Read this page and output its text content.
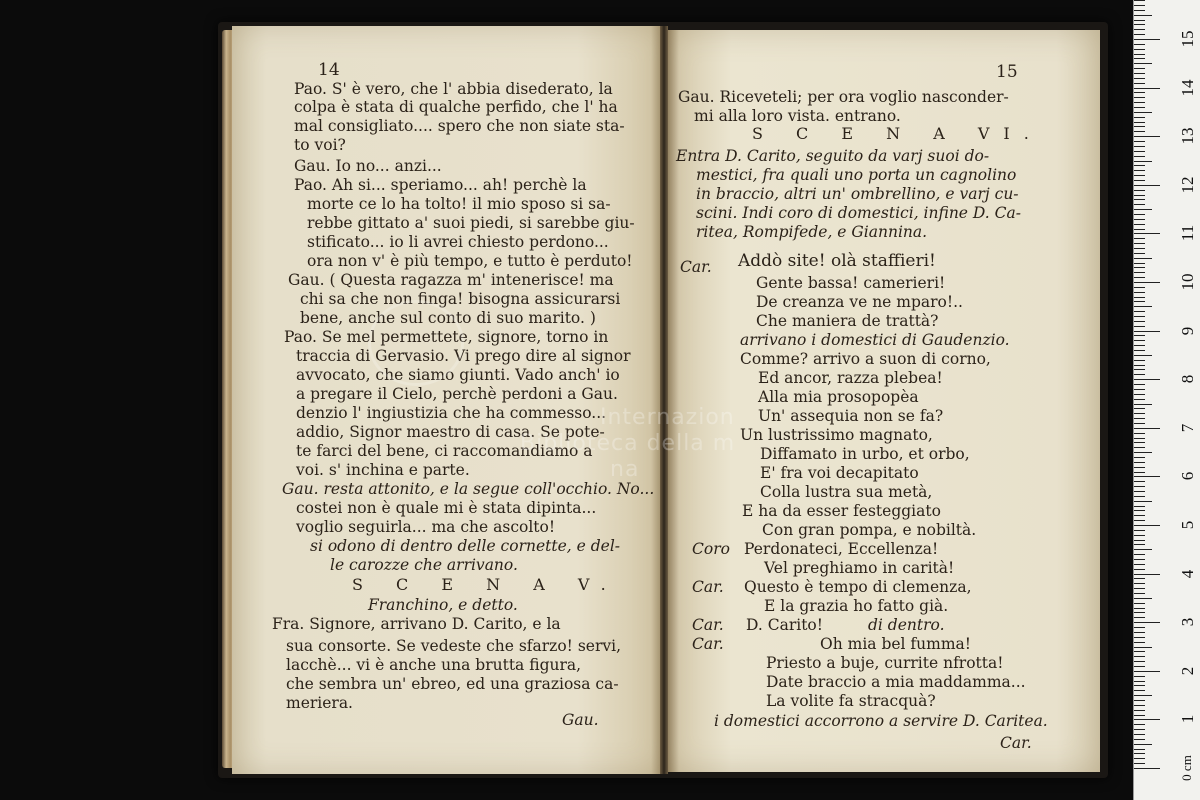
14
Pao. S' è vero, che l' abbia disederato, la
colpa è stata di qualche perfido, che l' ha
mal consigliato.... spero che non siate sta-
to voi?
Gau. Io no... anzi...
Pao. Ah si... speriamo... ah! perchè la
morte ce lo ha tolto! il mio sposo si sa-
rebbe gittato a' suoi piedi, si sarebbe giu-
stificato... io li avrei chiesto perdono...
ora non v' è più tempo, e tutto è perduto!
Gau. ( Questa ragazza m' intenerisce! ma
chi sa che non finga! bisogna assicurarsi
bene, anche sul conto di suo marito. )
Pao. Se mel permettete, signore, torno in
traccia di Gervasio. Vi prego dire al signor
avvocato, che siamo giunti. Vado anch' io
a pregare il Cielo, perchè perdoni a Gau.
denzio l' ingiustizia che ha commesso...
addio, Signor maestro di casa. Se pote-
te farci del bene, ci raccomandiamo a
voi. s' inchina e parte.
Gau. resta attonito, e la segue coll'occhio. No...
costei non è quale mi è stata dipinta...
voglio seguirla... ma che ascolto!
si odono di dentro delle cornette, e del-
le carozze che arrivano.
S C E N A V.
Franchino, e detto.
Fra. Signore, arrivano D. Carito, e la
sua consorte. Se vedeste che sfarzo! servi,
lacchè... vi è anche una brutta figura,
che sembra un' ebreo, ed una graziosa ca-
meriera.
Gau.
15
Gau. Riceveteli; per ora voglio nasconder-
mi alla loro vista. entrano.
S C E N A VI.
Entra D. Carito, seguito da varj suoi do-
mestici, fra quali uno porta un cagnolino
in braccio, altri un' ombrellino, e varj cu-
scini. Indi coro di domestici, infine D. Ca-
ritea, Rompifede, e Giannina.
Car. Addò site! olà staffieri!
Gente bassa! camerieri!
De creanza ve ne mparo!..
Che maniera de trattà?
arrivano i domestici di Gaudenzio.
Comme? arrivo a suon di corno,
Ed ancor, razza plebea!
Alla mia prosopopèa
Un' assequia non se fa?
Un lustrissimo magnato,
Diffamato in urbo, et orbo,
E' fra voi decapitato
Colla lustra sua metà,
E ha da esser festeggiato
Con gran pompa, e nobiltà.
Coro Perdonateci, Eccellenza!
Vel preghiamo in carità!
Car. Questo è tempo di clemenza,
E la grazia ho fatto già.
Car. D. Carito!	di dentro.
Car.	Oh mia bel fumma!
Priesto a buje, currite nfrotta!
Date braccio a mia maddamma...
La volite fa stracquà?
i domestici accorrono a servire D. Caritea.
Car.
Internazion
Biblioteca della m
na
1
2
3
4
5
6
7
8
9
10
11
12
13
14
15
0 cm
